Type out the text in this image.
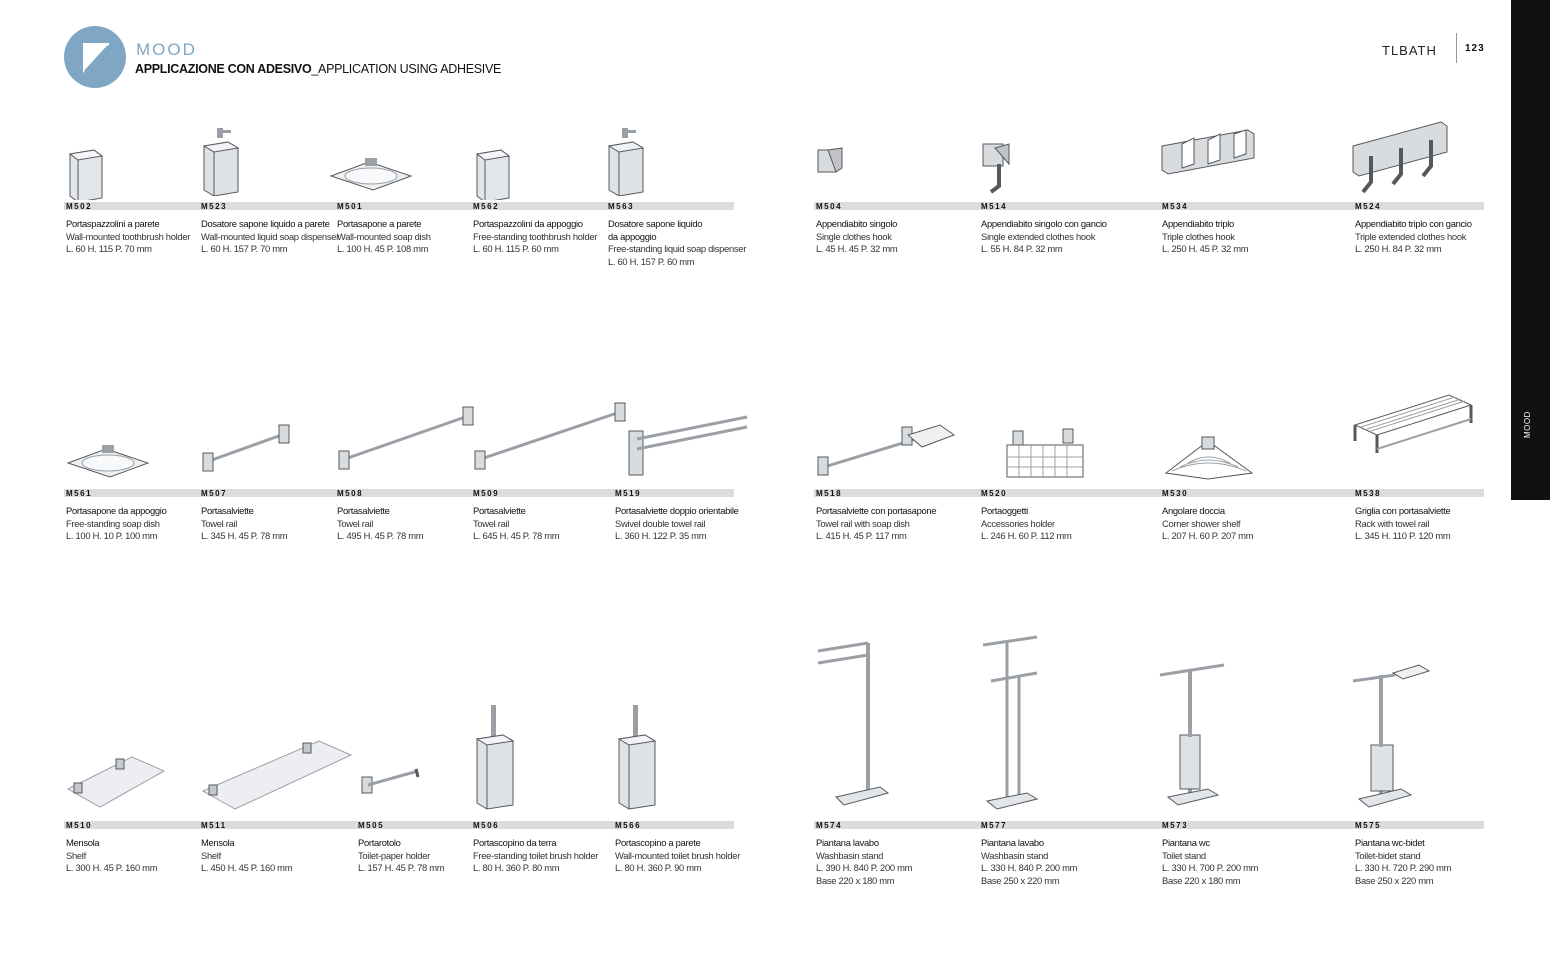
MOOD
APPLICAZIONE CON ADESIVO_APPLICATION USING ADHESIVE
TLBATH	123
MOOD
M502
Portaspazzolini a parete
Wall-mounted toothbrush holder
L. 60 H. 115 P. 70 mm
M523
Dosatore sapone liquido a parete
Wall-mounted liquid soap dispenser
L. 60 H. 157 P. 70 mm
M501
Portasapone a parete
Wall-mounted soap dish
L. 100 H. 45 P. 108 mm
M562
Portaspazzolini da appoggio
Free-standing toothbrush holder
L. 60 H. 115 P. 60 mm
M563
Dosatore sapone liquido
da appoggio
Free-standing liquid soap dispenser
L. 60 H. 157 P. 60 mm
M504
Appendiabito singolo
Single clothes hook
L. 45 H. 45 P. 32 mm
M514
Appendiabito singolo con gancio
Single extended clothes hook
L. 55 H. 84 P. 32 mm
M534
Appendiabito triplo
Triple clothes hook
L. 250 H. 45 P. 32 mm
M524
Appendiabito triplo con gancio
Triple extended clothes hook
L. 250 H. 84 P. 32 mm
M561
Portasapone da appoggio
Free-standing soap dish
L. 100 H. 10 P. 100 mm
M507
Portasalviette
Towel rail
L. 345 H. 45 P. 78 mm
M508
Portasalviette
Towel rail
L. 495 H. 45 P. 78 mm
M509
Portasalviette
Towel rail
L. 645 H. 45 P. 78 mm
M519
Portasalviette doppio orientabile
Swivel double towel rail
L. 360 H. 122 P. 35 mm
M518
Portasalviette con portasapone
Towel rail with soap dish
L. 415 H. 45 P. 117 mm
M520
Portaoggetti
Accessories holder
L. 246 H. 60 P. 112 mm
M530
Angolare doccia
Corner shower shelf
L. 207 H. 60 P. 207 mm
M538
Griglia con portasalviette
Rack with towel rail
L. 345 H. 110 P. 120 mm
M510
Mensola
Shelf
L. 300 H. 45 P. 160 mm
M511
Mensola
Shelf
L. 450 H. 45 P. 160 mm
M505
Portarotolo
Toilet-paper holder
L. 157 H. 45 P. 78 mm
M506
Portascopino da terra
Free-standing toilet brush holder
L. 80 H. 360 P. 80 mm
M566
Portascopino a parete
Wall-mounted toilet brush holder
L. 80 H. 360 P. 90 mm
M574
Piantana lavabo
Washbasin stand
L. 390 H. 840 P. 200 mm
Base 220 x 180 mm
M577
Piantana lavabo
Washbasin stand
L. 330 H. 840 P. 200 mm
Base 250 x 220 mm
M573
Piantana wc
Toilet stand
L. 330 H. 700 P. 200 mm
Base 220 x 180 mm
M575
Piantana wc-bidet
Toilet-bidet stand
L. 330 H. 720 P. 290 mm
Base 250 x 220 mm
